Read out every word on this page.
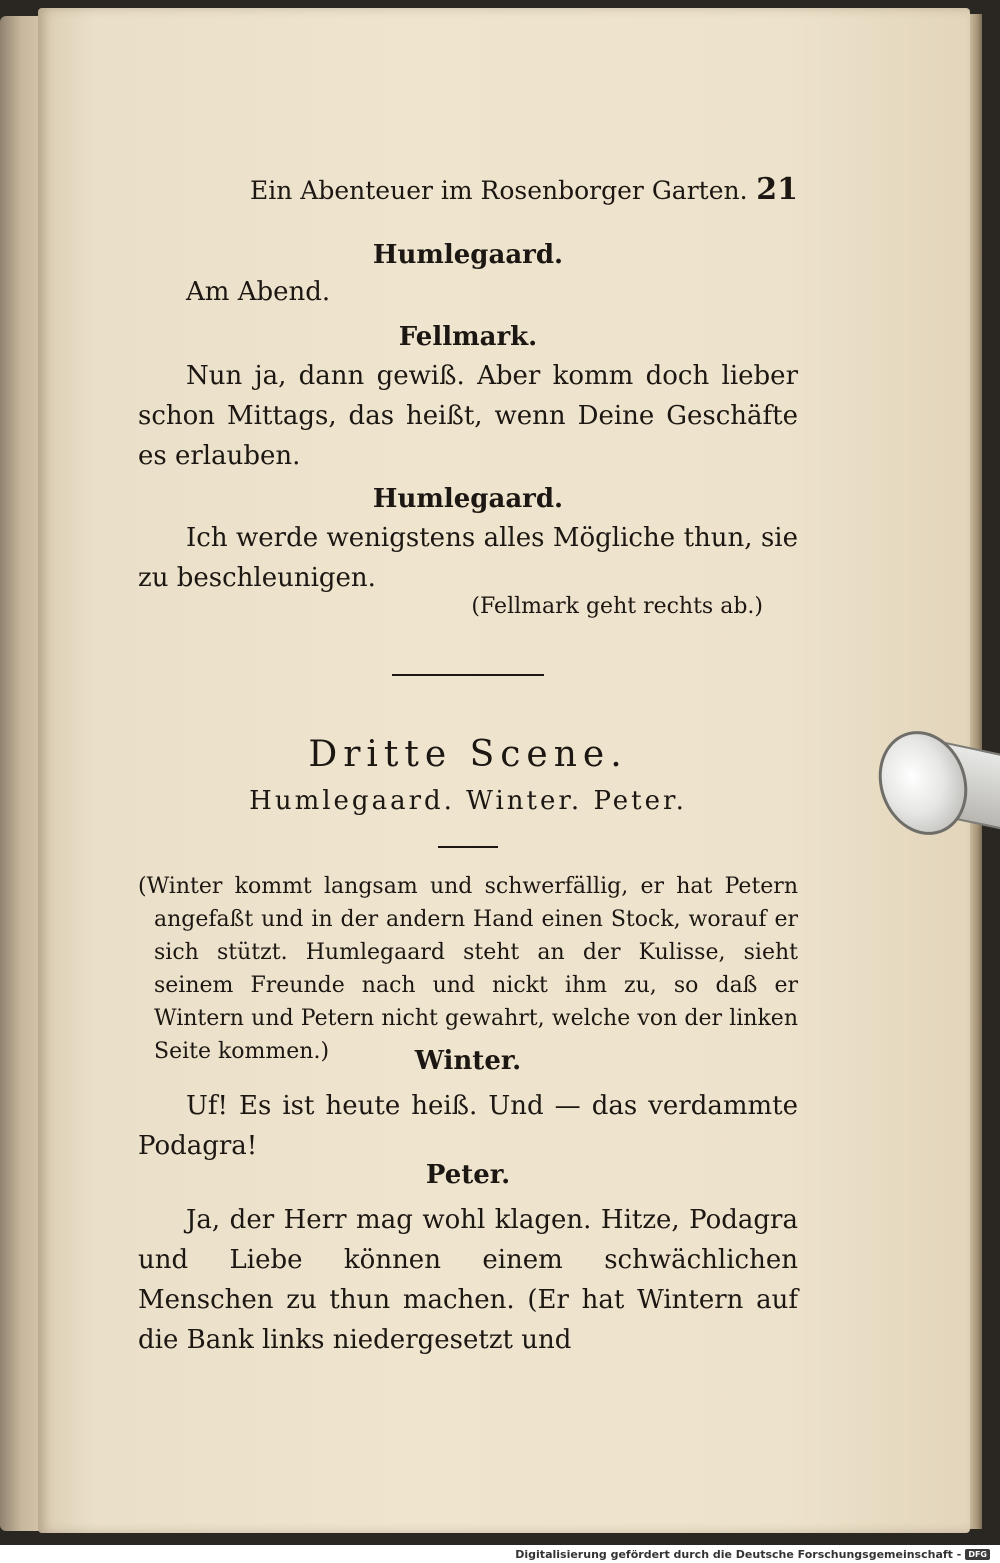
Ein Abenteuer im Rosenborger Garten. 21
Humlegaard.
Am Abend.
Fellmark.
Nun ja, dann gewiß. Aber komm doch lieber schon Mittags, das heißt, wenn Deine Geschäfte es erlauben.
Humlegaard.
Ich werde wenigstens alles Mögliche thun, sie zu beschleunigen.
(Fellmark geht rechts ab.)
Dritte Scene.
Humlegaard. Winter. Peter.
(Winter kommt langsam und schwerfällig, er hat Petern angefaßt und in der andern Hand einen Stock, worauf er sich stützt. Humlegaard steht an der Kulisse, sieht seinem Freunde nach und nickt ihm zu, so daß er Wintern und Petern nicht gewahrt, welche von der linken Seite kommen.)	Winter.
Uf! Es ist heute heiß. Und — das verdammte Podagra!
Peter.
Ja, der Herr mag wohl klagen. Hitze, Podagra und Liebe können einem schwächlichen Menschen zu thun machen. (Er hat Wintern auf die Bank links niedergesetzt und
Digitalisierung gefördert durch die Deutsche Forschungsgemeinschaft - DFG
